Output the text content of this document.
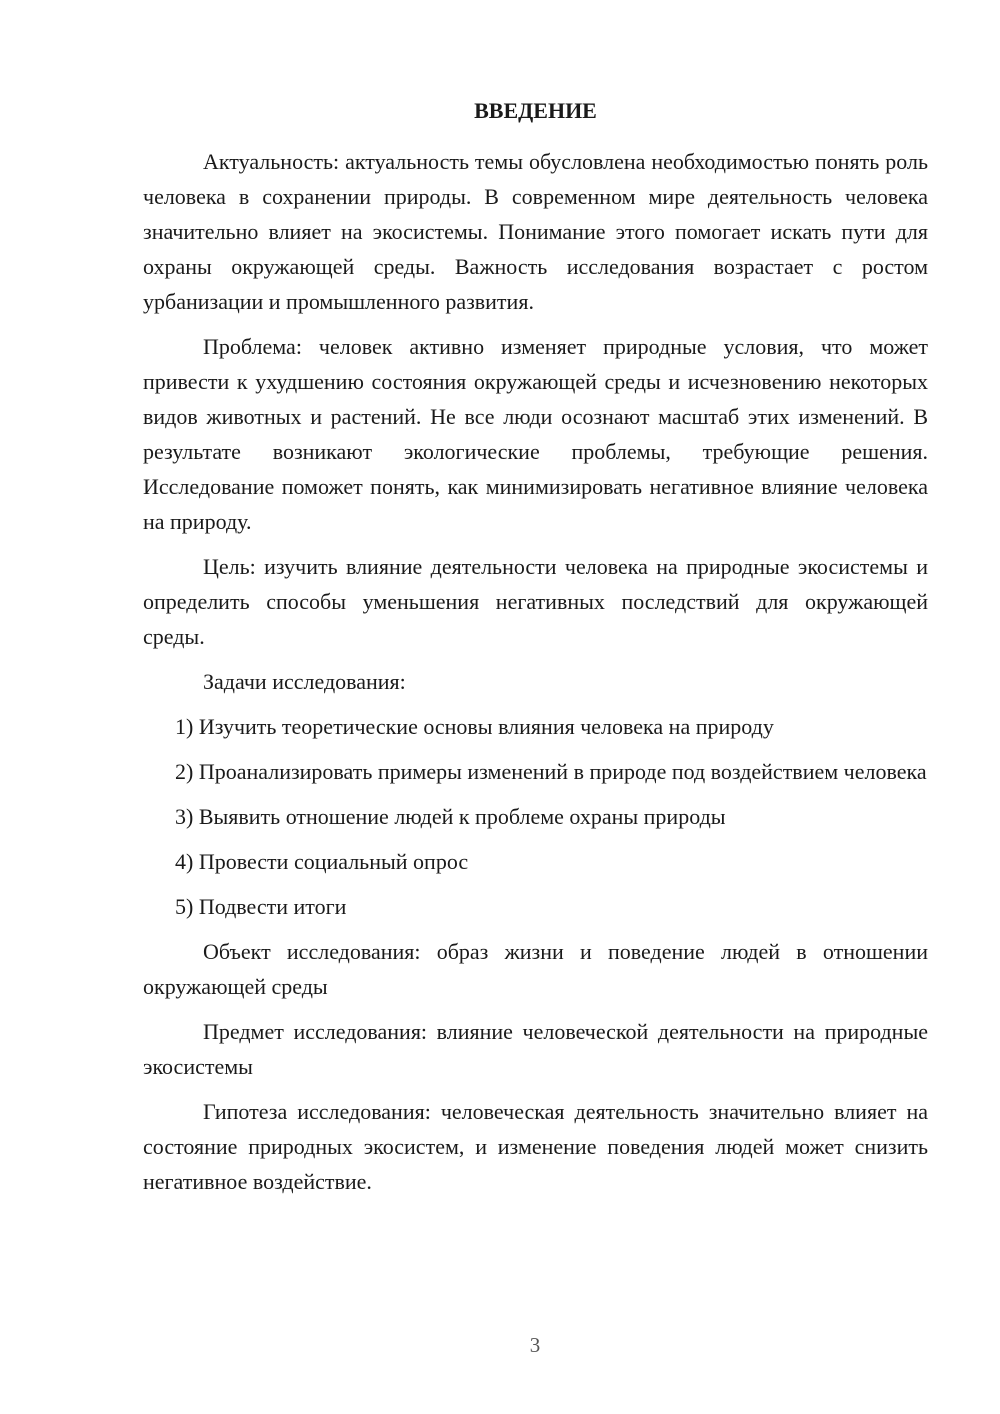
ВВЕДЕНИЕ

Актуальность: актуальность темы обусловлена необходимостью понять роль человека в сохранении природы. В современном мире деятельность человека значительно влияет на экосистемы. Понимание этого помогает искать пути для охраны окружающей среды. Важность исследования возрастает с ростом урбанизации и промышленного развития.

Проблема: человек активно изменяет природные условия, что может привести к ухудшению состояния окружающей среды и исчезновению некоторых видов животных и растений. Не все люди осознают масштаб этих изменений. В результате возникают экологические проблемы, требующие решения. Исследование поможет понять, как минимизировать негативное влияние человека на природу.

Цель: изучить влияние деятельности человека на природные экосистемы и определить способы уменьшения негативных последствий для окружающей среды.

Задачи исследования:

1) Изучить теоретические основы влияния человека на природу

2) Проанализировать примеры изменений в природе под воздействием человека

3) Выявить отношение людей к проблеме охраны природы

4) Провести социальный опрос

5) Подвести итоги

Объект исследования: образ жизни и поведение людей в отношении окружающей среды

Предмет исследования: влияние человеческой деятельности на природные экосистемы

Гипотеза исследования: человеческая деятельность значительно влияет на состояние природных экосистем, и изменение поведения людей может снизить негативное воздействие.

3
